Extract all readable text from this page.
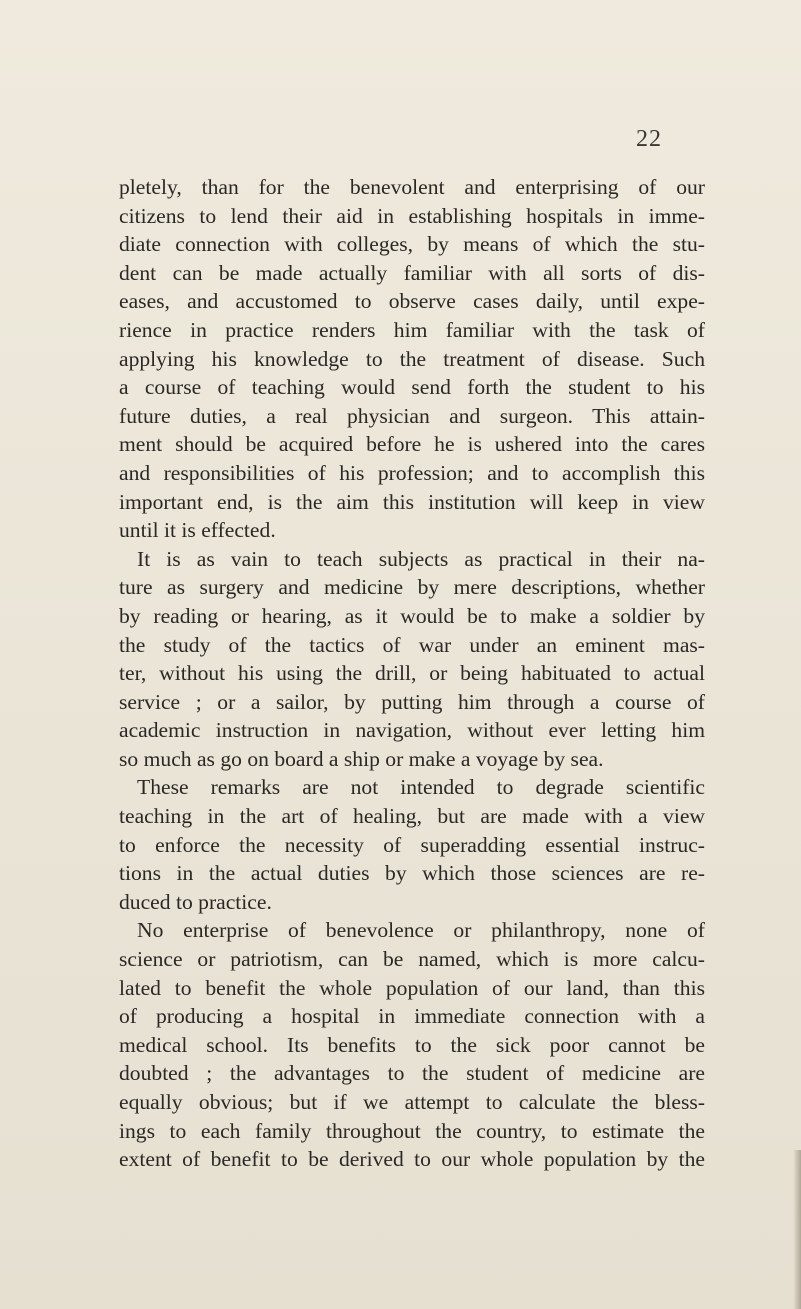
22
pletely, than for the benevolent and enterprising of our
citizens to lend their aid in establishing hospitals in imme-
diate connection with colleges, by means of which the stu-
dent can be made actually familiar with all sorts of dis-
eases, and accustomed to observe cases daily, until expe-
rience in practice renders him familiar with the task of
applying his knowledge to the treatment of disease. Such
a course of teaching would send forth the student to his
future duties, a real physician and surgeon. This attain-
ment should be acquired before he is ushered into the cares
and responsibilities of his profession; and to accomplish this
important end, is the aim this institution will keep in view
until it is effected.
It is as vain to teach subjects as practical in their na-
ture as surgery and medicine by mere descriptions, whether
by reading or hearing, as it would be to make a soldier by
the study of the tactics of war under an eminent mas-
ter, without his using the drill, or being habituated to actual
service ; or a sailor, by putting him through a course of
academic instruction in navigation, without ever letting him
so much as go on board a ship or make a voyage by sea.
These remarks are not intended to degrade scientific
teaching in the art of healing, but are made with a view
to enforce the necessity of superadding essential instruc-
tions in the actual duties by which those sciences are re-
duced to practice.
No enterprise of benevolence or philanthropy, none of
science or patriotism, can be named, which is more calcu-
lated to benefit the whole population of our land, than this
of producing a hospital in immediate connection with a
medical school. Its benefits to the sick poor cannot be
doubted ; the advantages to the student of medicine are
equally obvious; but if we attempt to calculate the bless-
ings to each family throughout the country, to estimate the
extent of benefit to be derived to our whole population by the
